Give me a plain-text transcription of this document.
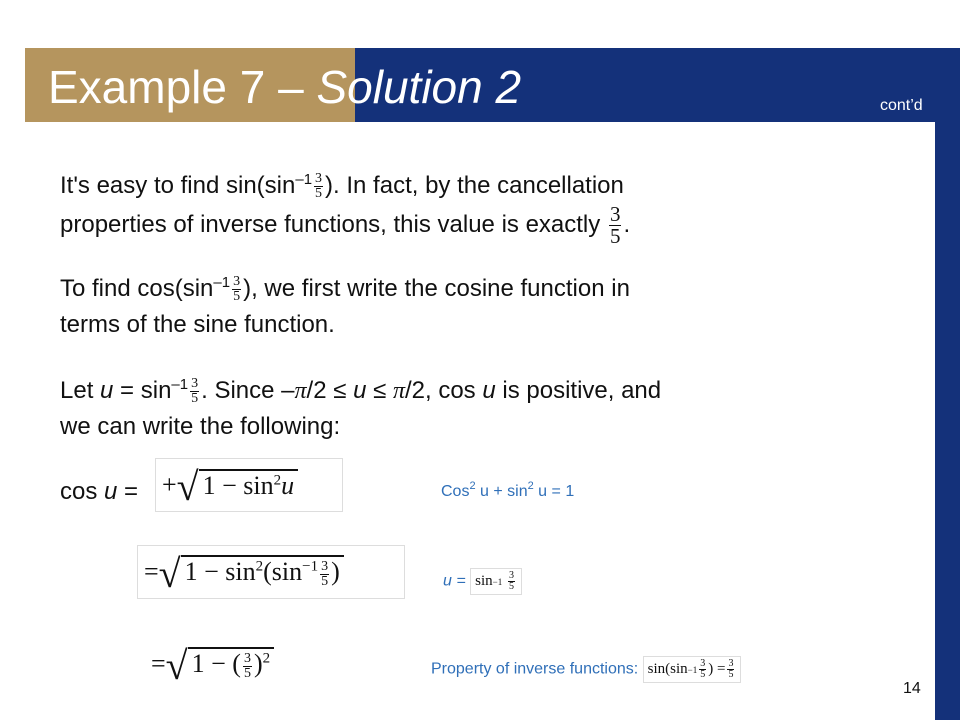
Example 7 – Solution 2	cont’d
It's easy to find $\sin(\sin^{-1} \frac{3}{5}$ ). In fact, by the cancellation
properties of inverse functions, this value is exactly $\frac{3}{5}$ .
To find $\cos(\sin^{-1} \frac{3}{5}$ ), we first write the cosine function in
terms of the sine function.
Let $u = \sin^{-1} \frac{3}{5}$ . Since –π/2 ≤ u ≤ π/2, cos u is positive, and
we can write the following:
cos u = + √ $1 - \sin^2u$
= √ $1 - \sin^2(\sin^{-1} \frac{3}{5}$ )
= √ 1 − ( $\frac{3}{5} )^2$
Cos$^2$ $u + \sin^2 u = 1$
u = sin −1
$\frac{3}{5}$
Property of inverse functions: $\sin(\sin -1 \frac{3}{5}$ ) = $\frac{3}{5}$
14
